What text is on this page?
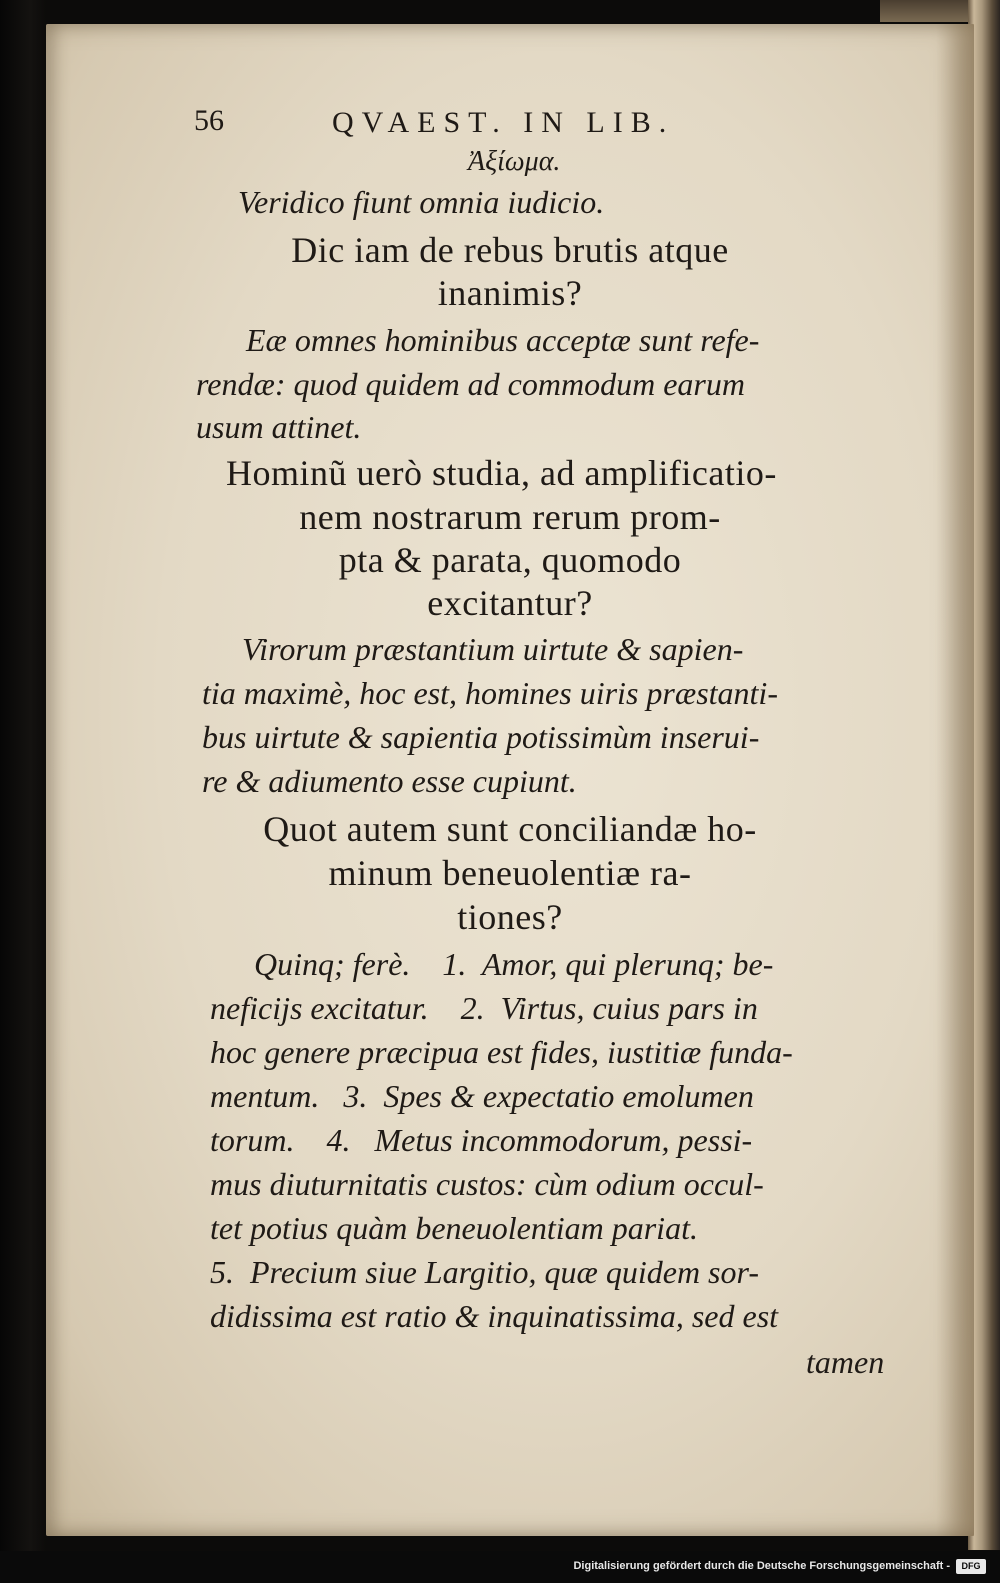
56	QVAEST. IN LIB.
Ἀξίωμα.
Veridico fiunt omnia iudicio.
Dic iam de rebus brutis atque
inanimis?
Eæ omnes hominibus acceptæ sunt refe-
rendæ: quod quidem ad commodum earum
usum attinet.
Hominũ uerò studia, ad amplificatio-
nem nostrarum rerum prom-
pta & parata, quomodo
excitantur?
Virorum præstantium uirtute & sapien-
tia maximè, hoc est, homines uiris præstanti-
bus uirtute & sapientia potissimùm inserui-
re & adiumento esse cupiunt.
Quot autem sunt conciliandæ ho-
minum beneuolentiæ ra-
tiones?
Quinq; ferè.    1.  Amor, qui plerunq; be-
neficijs excitatur.    2.  Virtus, cuius pars in
hoc genere præcipua est fides, iustitiæ funda-
mentum.   3.  Spes & expectatio emolumen
torum.    4.   Metus incommodorum, pessi-
mus diuturnitatis custos: cùm odium occul-
tet potius quàm beneuolentiam pariat.
5.  Precium siue Largitio, quæ quidem sor-
didissima est ratio & inquinatissima, sed est
tamen
Digitalisierung gefördert durch die Deutsche Forschungsgemeinschaft -	DFG
